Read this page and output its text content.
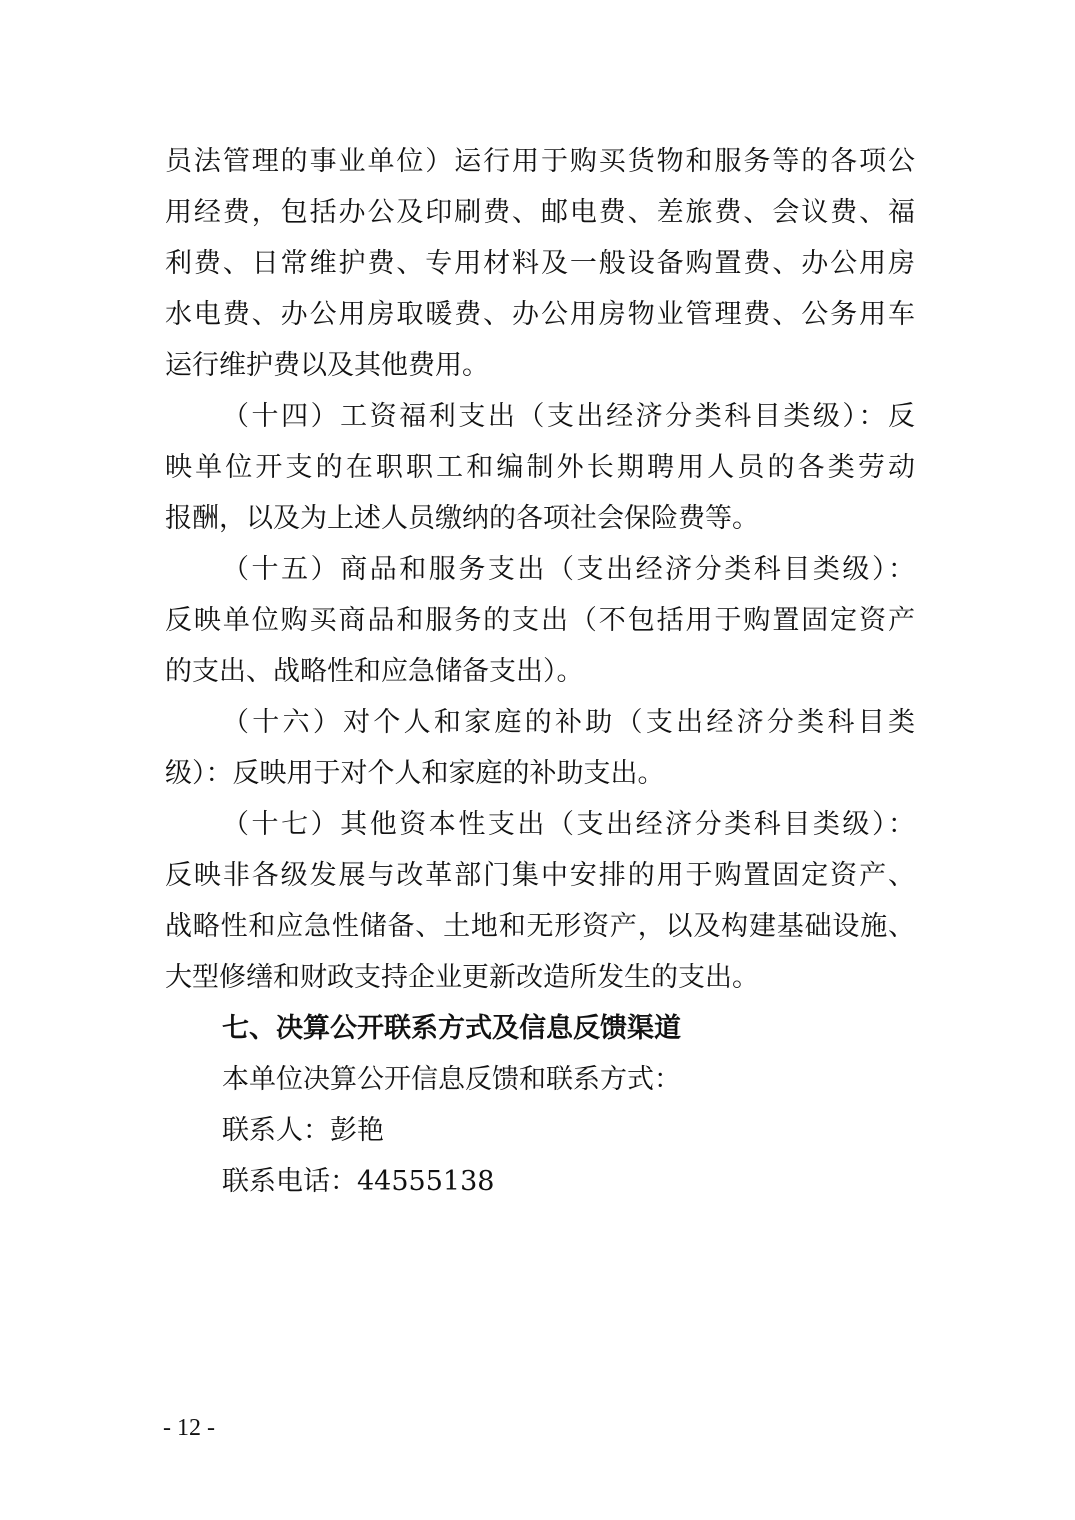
员法管理的事业单位）运行用于购买货物和服务等的各项公
用经费，包括办公及印刷费、邮电费、差旅费、会议费、福
利费、日常维护费、专用材料及一般设备购置费、办公用房
水电费、办公用房取暖费、办公用房物业管理费、公务用车
运行维护费以及其他费用。
（十四）工资福利支出（支出经济分类科目类级）：反
映单位开支的在职职工和编制外长期聘用人员的各类劳动
报酬，以及为上述人员缴纳的各项社会保险费等。
（十五）商品和服务支出（支出经济分类科目类级）：
反映单位购买商品和服务的支出（不包括用于购置固定资产
的支出、战略性和应急储备支出）。
（十六）对个人和家庭的补助（支出经济分类科目类
级）：反映用于对个人和家庭的补助支出。
（十七）其他资本性支出（支出经济分类科目类级）：
反映非各级发展与改革部门集中安排的用于购置固定资产、
战略性和应急性储备、土地和无形资产，以及构建基础设施、
大型修缮和财政支持企业更新改造所发生的支出。
七、决算公开联系方式及信息反馈渠道
本单位决算公开信息反馈和联系方式：
联系人：彭艳
联系电话：44555138
- 12 -
